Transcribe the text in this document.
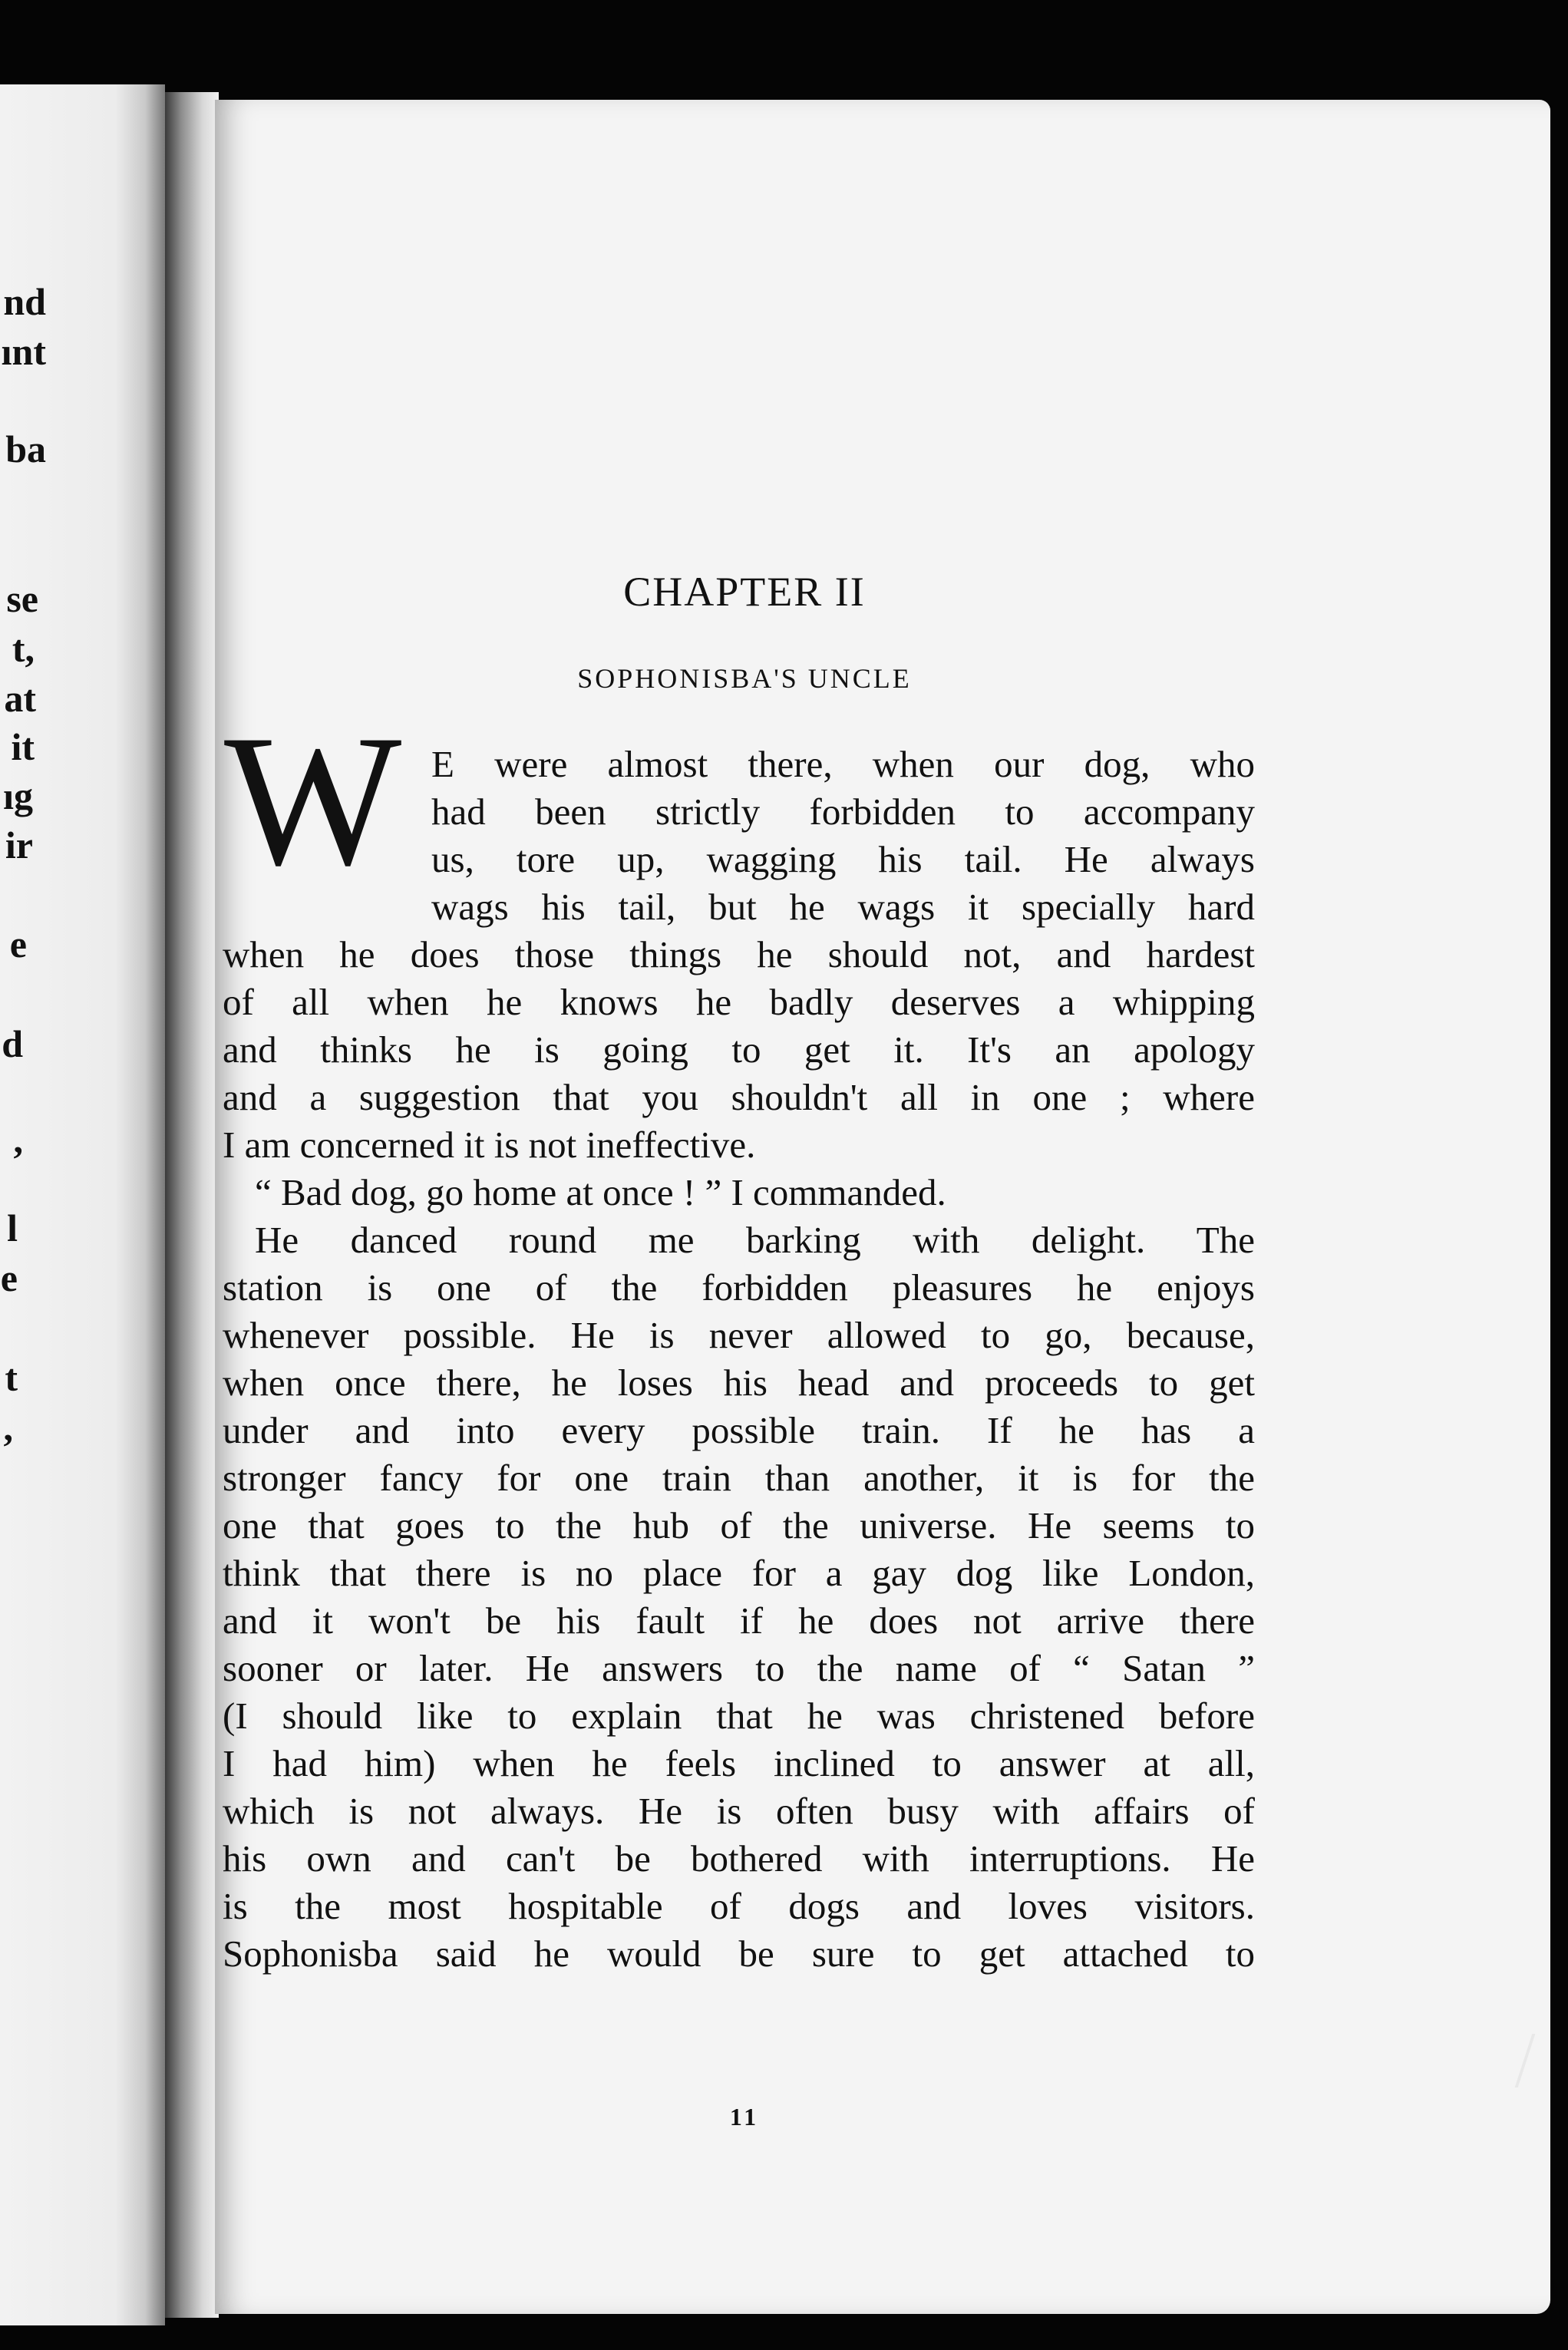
nd
ınt
ba
se
t,
at
it
ıg
ir
e
d
,
l
e
t
,
CHAPTER II
SOPHONISBA'S UNCLE
W E were almost there, when our dog, who
had been strictly forbidden to accompany
us, tore up, wagging his tail. He always
wags his tail, but he wags it specially hard
when he does those things he should not, and hardest
of all when he knows he badly deserves a whipping
and thinks he is going to get it. It's an apology
and a suggestion that you shouldn't all in one ; where
I am concerned it is not ineffective.
“ Bad dog, go home at once ! ” I commanded.
He danced round me barking with delight. The
station is one of the forbidden pleasures he enjoys
whenever possible. He is never allowed to go, because,
when once there, he loses his head and proceeds to get
under and into every possible train. If he has a
stronger fancy for one train than another, it is for the
one that goes to the hub of the universe. He seems to
think that there is no place for a gay dog like London,
and it won't be his fault if he does not arrive there
sooner or later. He answers to the name of “ Satan ”
(I should like to explain that he was christened before
I had him) when he feels inclined to answer at all,
which is not always. He is often busy with affairs of
his own and can't be bothered with interruptions. He
is the most hospitable of dogs and loves visitors.
Sophonisba said he would be sure to get attached to
11
